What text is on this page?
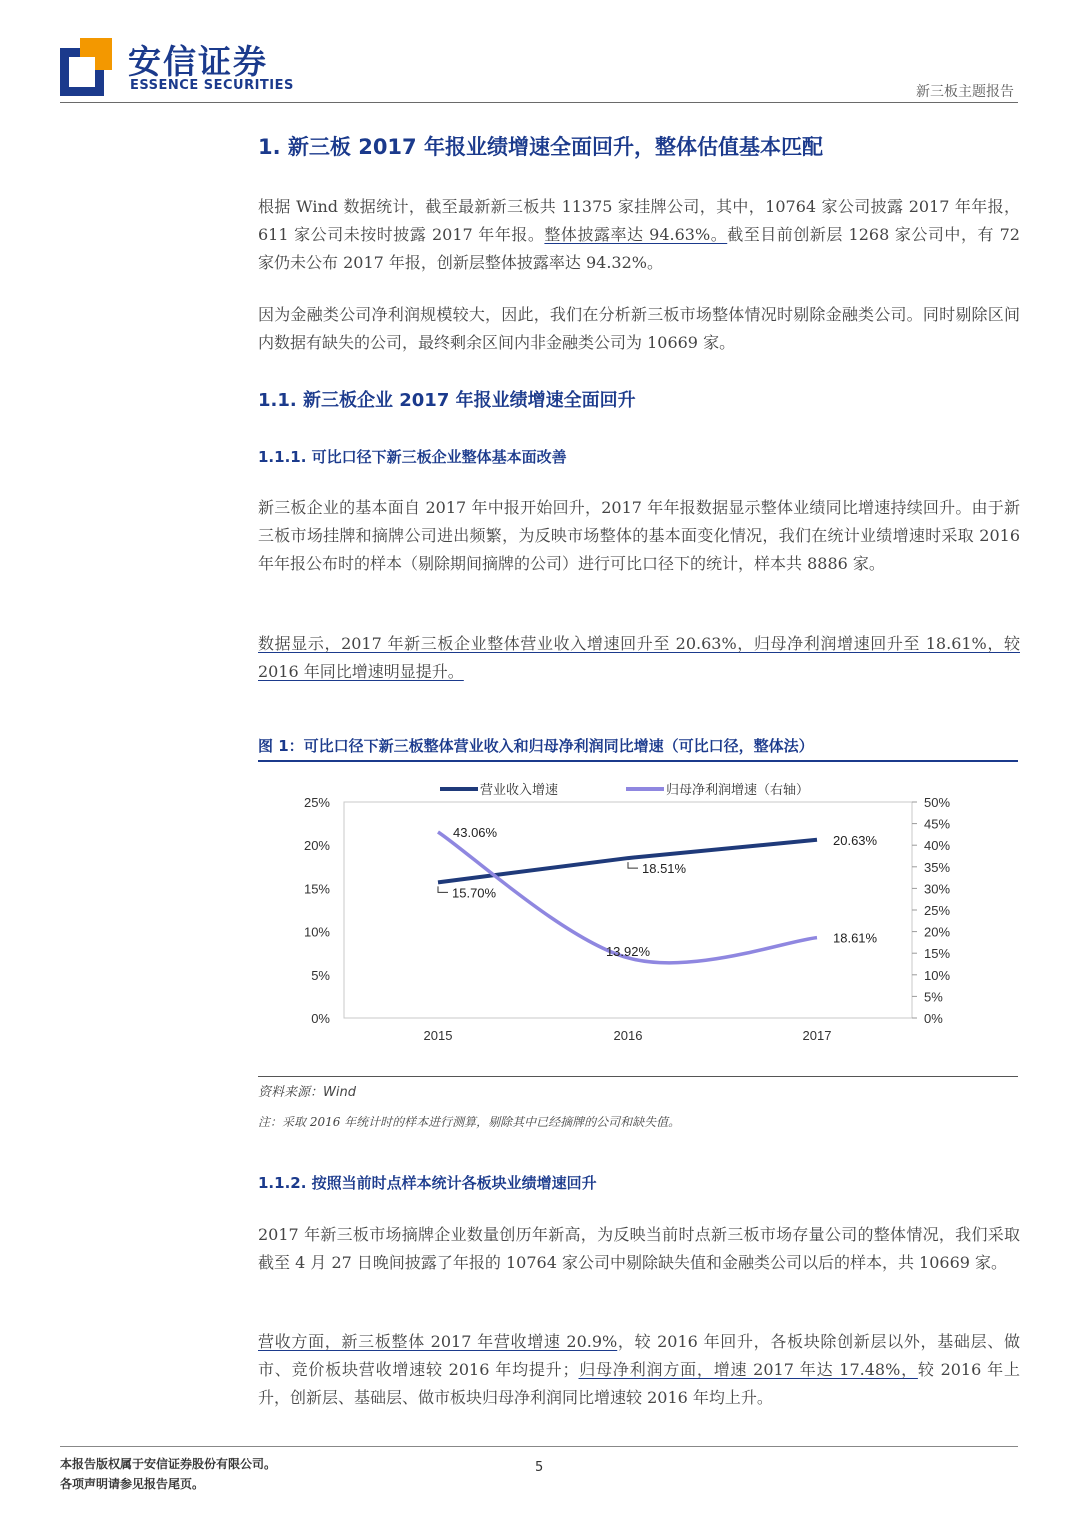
安信证券
ESSENCE SECURITIES	新三板主题报告
1. 新三板 2017 年报业绩增速全面回升，整体估值基本匹配

根据 Wind 数据统计，截至最新新三板共 11375 家挂牌公司，其中，10764 家公司披露 2017 年年报，611 家公司未按时披露 2017 年年报。整体披露率达 94.63%。截至目前创新层 1268 家公司中，有 72 家仍未公布 2017 年报，创新层整体披露率达 94.32%。

因为金融类公司净利润规模较大，因此，我们在分析新三板市场整体情况时剔除金融类公司。同时剔除区间内数据有缺失的公司，最终剩余区间内非金融类公司为 10669 家。

1.1. 新三板企业 2017 年报业绩增速全面回升
1.1.1. 可比口径下新三板企业整体基本面改善

新三板企业的基本面自 2017 年中报开始回升，2017 年年报数据显示整体业绩同比增速持续回升。由于新三板市场挂牌和摘牌公司进出频繁，为反映市场整体的基本面变化情况，我们在统计业绩增速时采取 2016 年年报公布时的样本（剔除期间摘牌的公司）进行可比口径下的统计，样本共 8886 家。

数据显示，2017 年新三板企业整体营业收入增速回升至 20.63%，归母净利润增速回升至 18.61%，较 2016 年同比增速明显提升。

图 1：可比口径下新三板整体营业收入和归母净利润同比增速（可比口径，整体法）
营业收入增速	归母净利润增速（右轴）
0%
5%
10%
15%
20%
25%
0%
5%
10%
15%
20%
25%
30%
35%
40%
45%
50%
2015	2016	2017
15.70%
18.51%
20.63%
43.06%
13.92%
18.61%
资料来源：Wind
注：采取 2016 年统计时的样本进行测算，剔除其中已经摘牌的公司和缺失值。
1.1.2. 按照当前时点样本统计各板块业绩增速回升

2017 年新三板市场摘牌企业数量创历年新高，为反映当前时点新三板市场存量公司的整体情况，我们采取截至 4 月 27 日晚间披露了年报的 10764 家公司中剔除缺失值和金融类公司以后的样本，共 10669 家。

营收方面，新三板整体 2017 年营收增速 20.9%，较 2016 年回升，各板块除创新层以外，基础层、做市、竞价板块营收增速较 2016 年均提升；归母净利润方面，增速 2017 年达 17.48%，较 2016 年上升，创新层、基础层、做市板块归母净利润同比增速较 2016 年均上升。

本报告版权属于安信证券股份有限公司。
各项声明请参见报告尾页。
5
